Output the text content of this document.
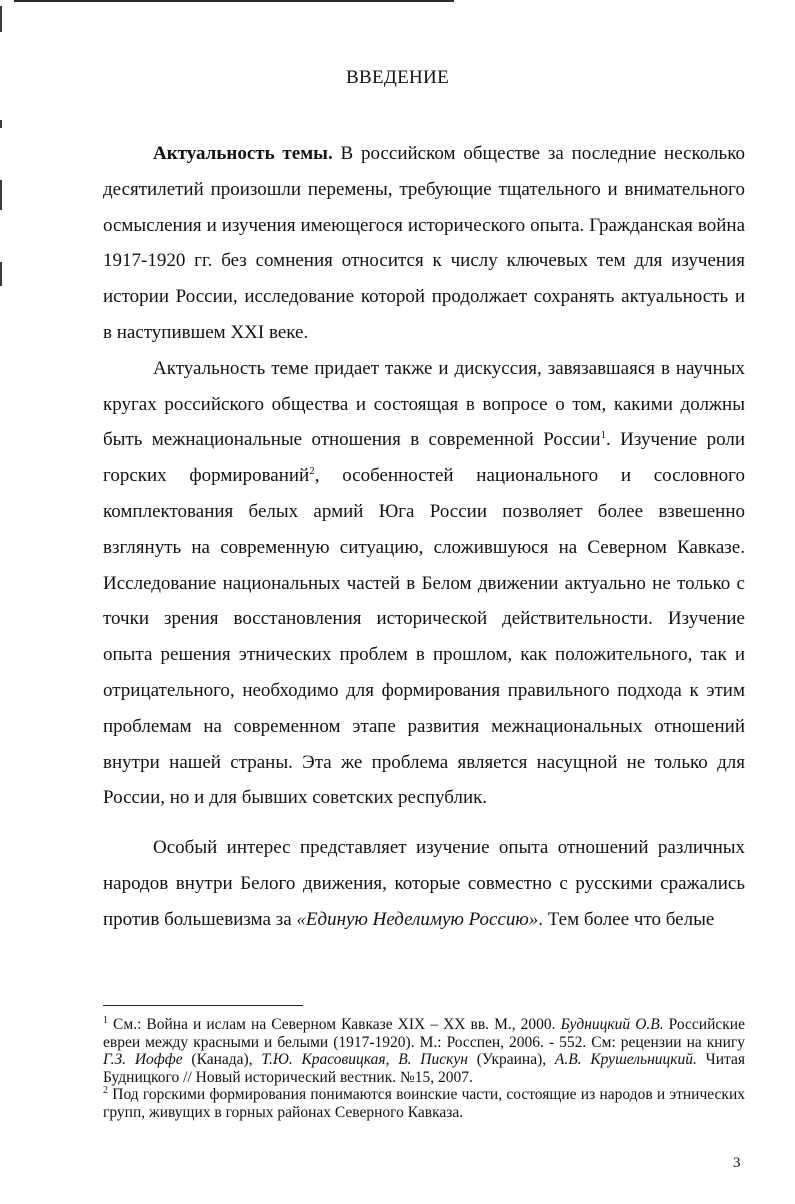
ВВЕДЕНИЕ

Актуальность темы. В российском обществе за последние несколько десятилетий произошли перемены, требующие тщательного и внимательного осмысления и изучения имеющегося исторического опыта. Гражданская война 1917-1920 гг. без сомнения относится к числу ключевых тем для изучения истории России, исследование которой продолжает сохранять актуальность и в наступившем XXI веке.

Актуальность теме придает также и дискуссия, завязавшаяся в научных кругах российского общества и состоящая в вопросе о том, какими должны быть межнациональные отношения в современной России$^1$. Изучение роли горских формирований$^2$, особенностей национального и сословного комплектования белых армий Юга России позволяет более взвешенно взглянуть на современную ситуацию, сложившуюся на Северном Кавказе. Исследование национальных частей в Белом движении актуально не только с точки зрения восстановления исторической действительности. Изучение опыта решения этнических проблем в прошлом, как положительного, так и отрицательного, необходимо для формирования правильного подхода к этим проблемам на современном этапе развития межнациональных отношений внутри нашей страны. Эта же проблема является насущной не только для России, но и для бывших советских республик.

Особый интерес представляет изучение опыта отношений различных народов внутри Белого движения, которые совместно с русскими сражались против большевизма за «Единую Неделимую Россию». Тем более что белые

$^1$ См.: Война и ислам на Северном Кавказе XIX – XX вв. М., 2000. Будницкий О.В. Российские евреи между красными и белыми (1917-1920). М.: Росспен, 2006. - 552. См: рецензии на книгу Г.З. Иоффе (Канада), Т.Ю. Красовицкая, В. Пискун (Украина), А.В. Крушельницкий. Читая Будницкого // Новый исторический вестник. №15, 2007.

$^2$ Под горскими формирования понимаются воинские части, состоящие из народов и этнических групп, живущих в горных районах Северного Кавказа.

3
